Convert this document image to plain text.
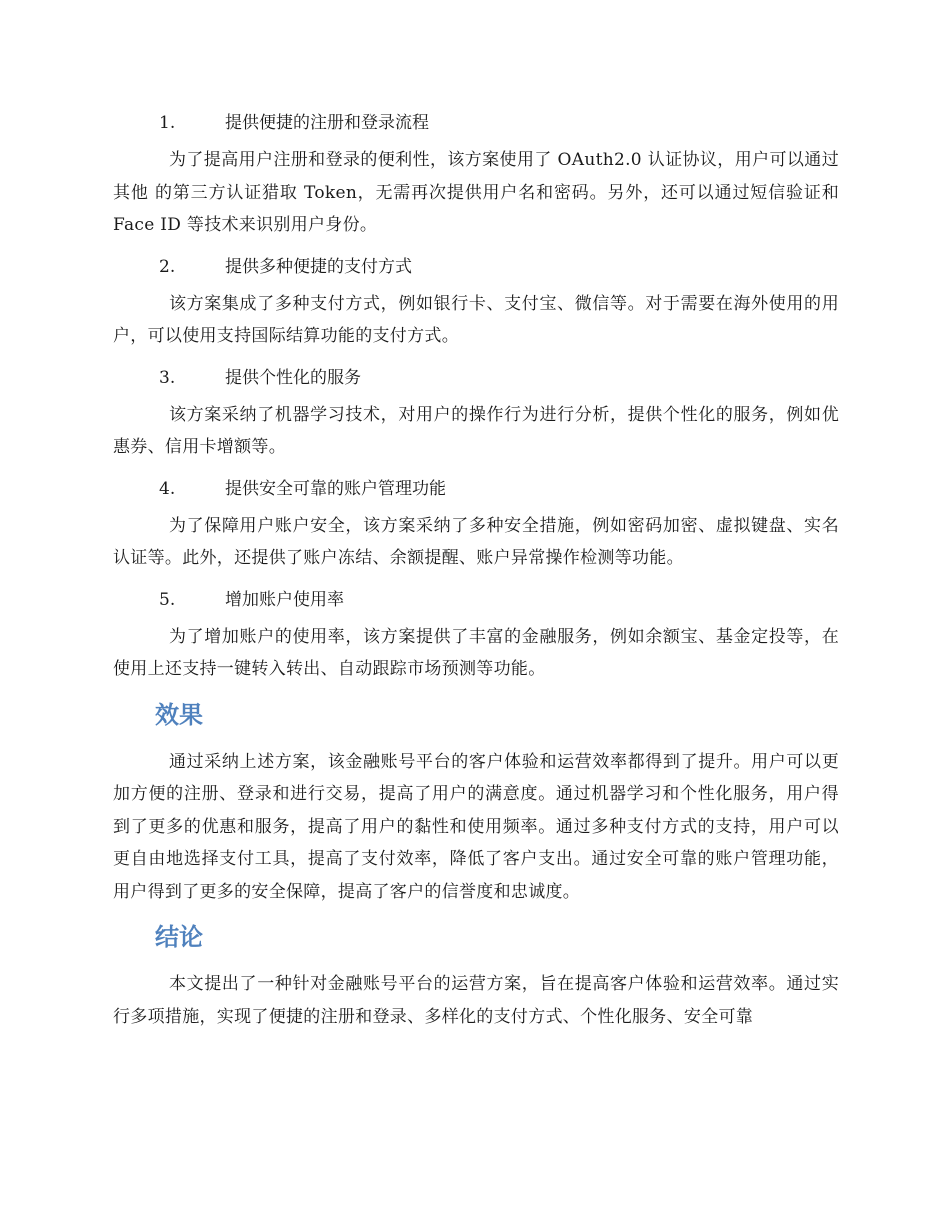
1.	提供便捷的注册和登录流程

为了提高用户注册和登录的便利性，该方案使用了 OAuth2.0 认证协议，用户可以通过其他 的第三方认证猎取 Token，无需再次提供用户名和密码。另外，还可以通过短信验证和 Face ID 等技术来识别用户身份。

2.	提供多种便捷的支付方式

该方案集成了多种支付方式，例如银行卡、支付宝、微信等。对于需要在海外使用的用户，可以使用支持国际结算功能的支付方式。

3.	提供个性化的服务

该方案采纳了机器学习技术，对用户的操作行为进行分析，提供个性化的服务，例如优惠券、信用卡增额等。

4.	提供安全可靠的账户管理功能

为了保障用户账户安全，该方案采纳了多种安全措施，例如密码加密、虚拟键盘、实名认证等。此外，还提供了账户冻结、余额提醒、账户异常操作检测等功能。

5.	增加账户使用率

为了增加账户的使用率，该方案提供了丰富的金融服务，例如余额宝、基金定投等，在使用上还支持一键转入转出、自动跟踪市场预测等功能。

效果

通过采纳上述方案，该金融账号平台的客户体验和运营效率都得到了提升。用户可以更加方便的注册、登录和进行交易，提高了用户的满意度。通过机器学习和个性化服务，用户得到了更多的优惠和服务，提高了用户的黏性和使用频率。通过多种支付方式的支持，用户可以更自由地选择支付工具，提高了支付效率，降低了客户支出。通过安全可靠的账户管理功能，用户得到了更多的安全保障，提高了客户的信誉度和忠诚度。

结论

本文提出了一种针对金融账号平台的运营方案，旨在提高客户体验和运营效率。通过实行多项措施，实现了便捷的注册和登录、多样化的支付方式、个性化服务、安全可靠
